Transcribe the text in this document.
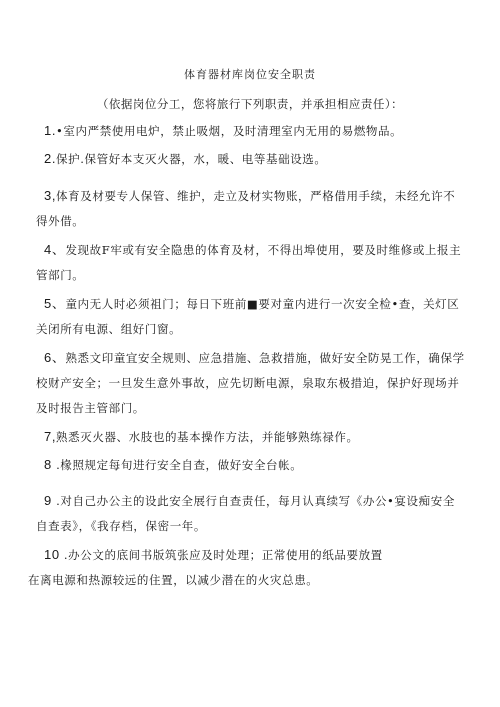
体育器材库岗位安全职责
（依据岗位分工，您将旅行下列职责，并承担相应责任）：
1.•室内严禁使用电炉，禁止吸烟，及时清理室内无用的易燃物品。
2.保护.保管好本支灭火器，水，暖、电等基础设选。
3,体育及材要专人保管、维护，走立及材实物账，严格借用手续，未经允许不得外借。
4、发现故F牢或有安全隐患的体育及材，不得出埠使用，要及时维修或上报主管部门。
5、童内无人时必须祖门；每日下班前■要对童内进行一次安全检•查，关灯区关闭所有电源、组好门窗。
6、熟悉文印童宜安全规则、应急措施、急救措施，做好安全防晃工作，确保学校财产安全；一旦发生意外事故，应先切断电源，泉取东极措迫，保护好现场并及时报告主管部门。
7,熟悉灭火器、水肢也的基本操作方法，并能够熟练禄作。
8 .椽照规定每旬进行安全自查，做好安全台帐。
9 .对自己办公主的设此安全展行自查责任，每月认真续写《办公•宴设痴安全自查表》，《我存档，保密一年。
10 .办公文的底间书版筑张应及时处理；正常使用的纸品要放置
在离电源和热源较远的住置，以减少潜在的火灾总患。
